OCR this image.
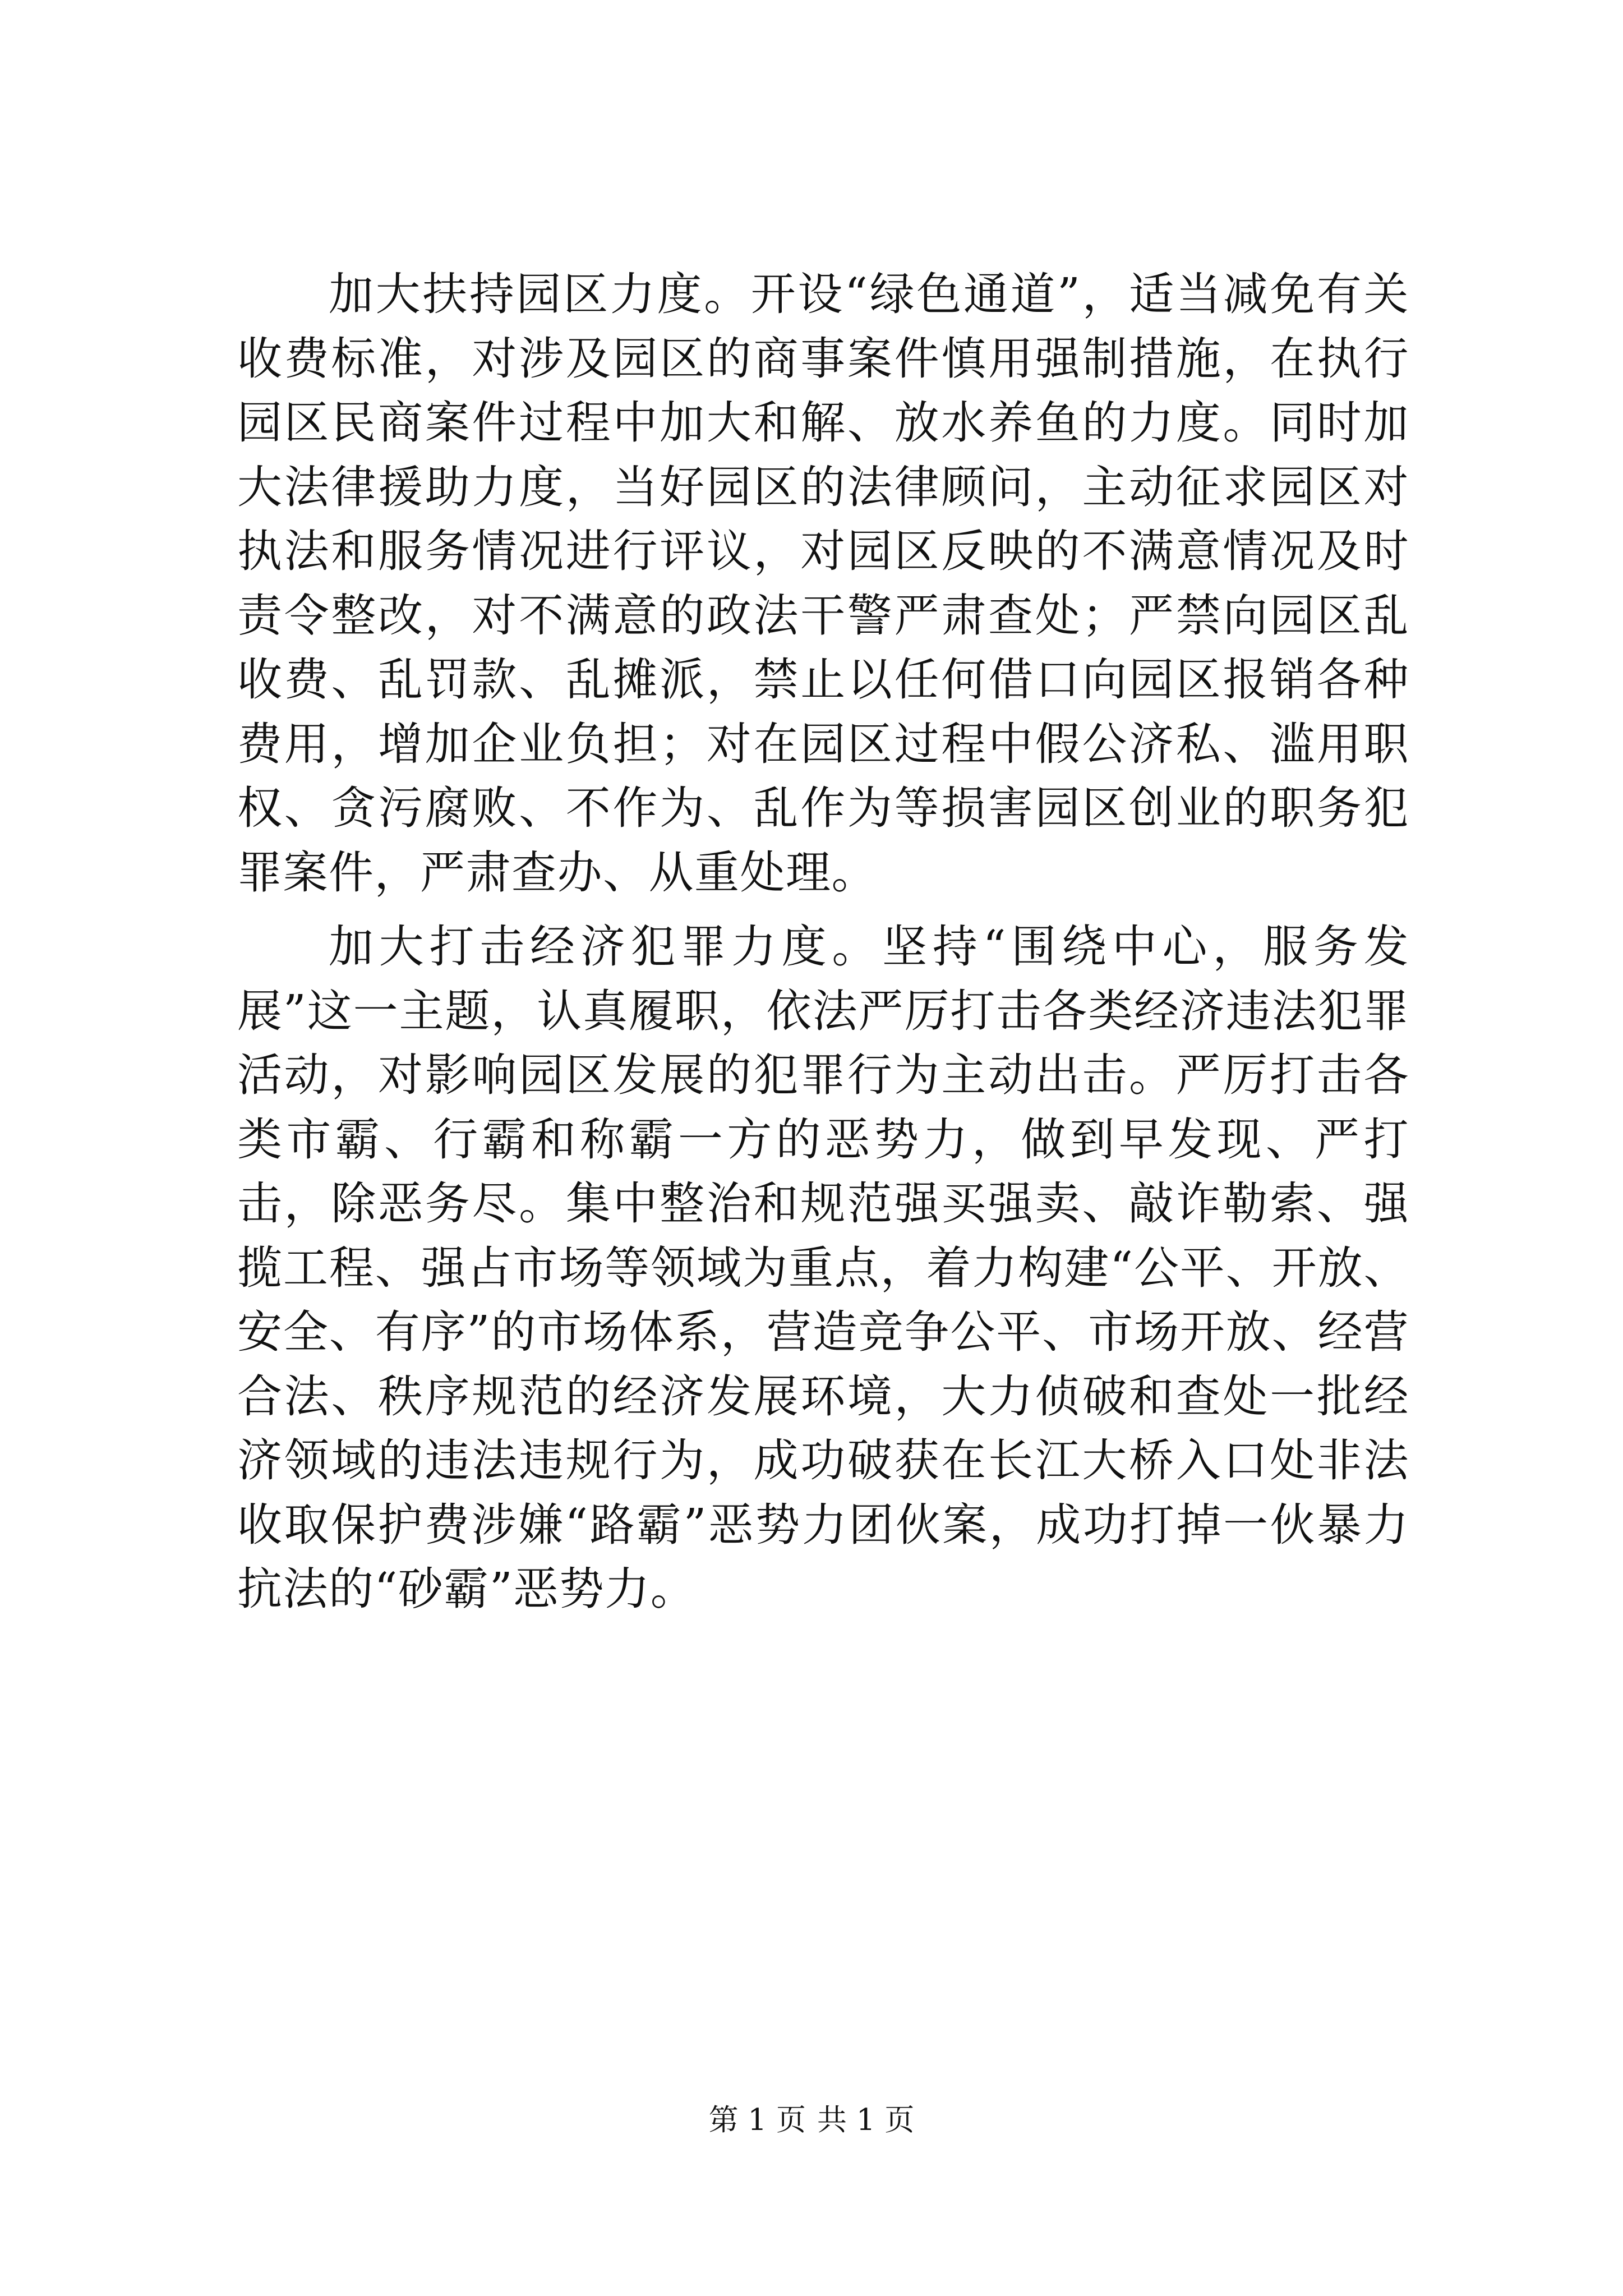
加大扶持园区力度。开设“绿色通道”，适当减免有关收费标准，对涉及园区的商事案件慎用强制措施，在执行园区民商案件过程中加大和解、放水养鱼的力度。同时加大法律援助力度，当好园区的法律顾问，主动征求园区对执法和服务情况进行评议，对园区反映的不满意情况及时责令整改，对不满意的政法干警严肃查处；严禁向园区乱收费、乱罚款、乱摊派，禁止以任何借口向园区报销各种费用，增加企业负担；对在园区过程中假公济私、滥用职权、贪污腐败、不作为、乱作为等损害园区创业的职务犯罪案件，严肃查办、从重处理。

加大打击经济犯罪力度。坚持“围绕中心，服务发展”这一主题，认真履职，依法严厉打击各类经济违法犯罪活动，对影响园区发展的犯罪行为主动出击。严厉打击各类市霸、行霸和称霸一方的恶势力，做到早发现、严打击，除恶务尽。集中整治和规范强买强卖、敲诈勒索、强揽工程、强占市场等领域为重点，着力构建“公平、开放、安全、有序”的市场体系，营造竞争公平、市场开放、经营合法、秩序规范的经济发展环境，大力侦破和查处一批经济领域的违法违规行为，成功破获在长江大桥入口处非法收取保护费涉嫌“路霸”恶势力团伙案，成功打掉一伙暴力抗法的“砂霸”恶势力。

第 1 页 共 1 页
